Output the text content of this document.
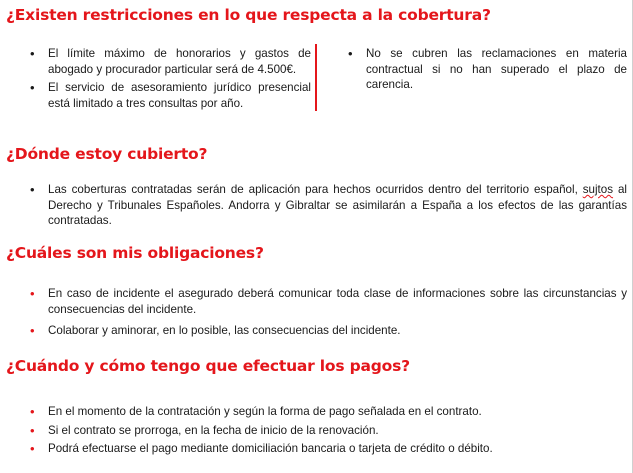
¿Existen restricciones en lo que respecta a la cobertura?
•	El límite máximo de honorarios y gastos de abogado y procurador particular será de 4.500€.
•	El servicio de asesoramiento jurídico presencial está limitado a tres consultas por año.
•	No se cubren las reclamaciones en materia contractual si no han superado el plazo de carencia.
¿Dónde estoy cubierto?
•	Las coberturas contratadas serán de aplicación para hechos ocurridos dentro del territorio español, sujtos al Derecho y Tribunales Españoles. Andorra y Gibraltar se asimilarán a España a los efectos de las garantías contratadas.
¿Cuáles son mis obligaciones?
•	En caso de incidente el asegurado deberá comunicar toda clase de informaciones sobre las circunstancias y consecuencias del incidente.
•	Colaborar y aminorar, en lo posible, las consecuencias del incidente.
¿Cuándo y cómo tengo que efectuar los pagos?
•	En el momento de la contratación y según la forma de pago señalada en el contrato.
•	Si el contrato se prorroga, en la fecha de inicio de la renovación.
•	Podrá efectuarse el pago mediante domiciliación bancaria o tarjeta de crédito o débito.
